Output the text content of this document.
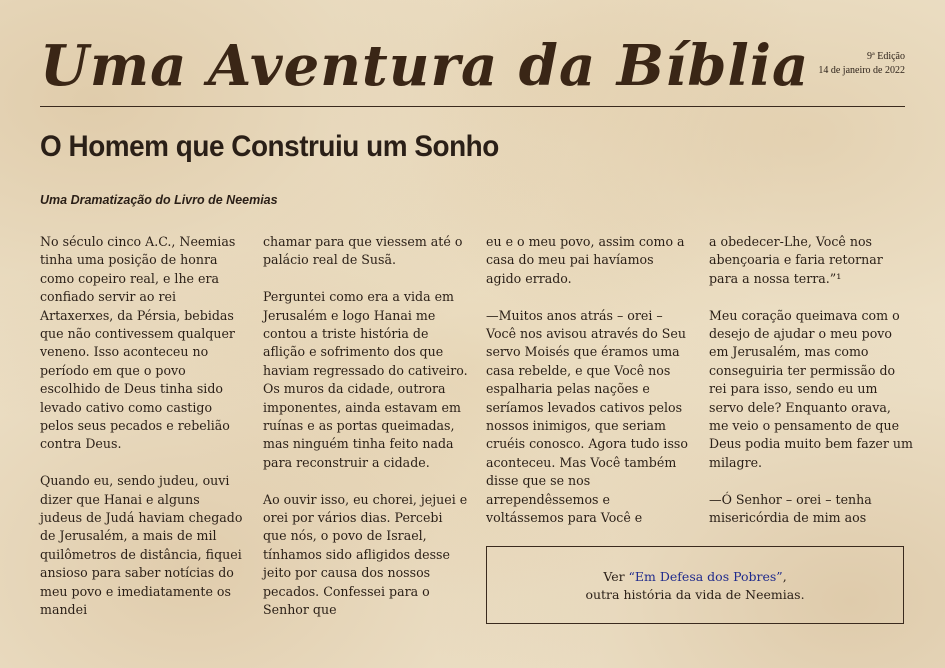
Uma Aventura da Bíblia	9ª Edição
14 de janeiro de 2022
O Homem que Construiu um Sonho
Uma Dramatização do Livro de Neemias

No século cinco A.C., Neemias tinha uma posição de honra como copeiro real, e lhe era confiado servir ao rei Artaxerxes, da Pérsia, bebidas que não contivessem qualquer veneno. Isso aconteceu no período em que o povo escolhido de Deus tinha sido levado cativo como castigo pelos seus pecados e rebelião contra Deus.

Quando eu, sendo judeu, ouvi dizer que Hanai e alguns judeus de Judá haviam chegado de Jerusalém, a mais de mil quilômetros de distância, fiquei ansioso para saber notícias do meu povo e imediatamente os mandei

chamar para que viessem até o palácio real de Susã.

Perguntei como era a vida em Jerusalém e logo Hanai me contou a triste história de aflição e sofrimento dos que haviam regressado do cativeiro. Os muros da cidade, outrora imponentes, ainda estavam em ruínas e as portas queimadas, mas ninguém tinha feito nada para reconstruir a cidade.

Ao ouvir isso, eu chorei, jejuei e orei por vários dias. Percebi que nós, o povo de Israel, tínhamos sido afligidos desse jeito por causa dos nossos pecados. Confessei para o Senhor que

eu e o meu povo, assim como a casa do meu pai havíamos agido errado.

—Muitos anos atrás – orei – Você nos avisou através do Seu servo Moisés que éramos uma casa rebelde, e que Você nos espalharia pelas nações e seríamos levados cativos pelos nossos inimigos, que seriam cruéis conosco. Agora tudo isso aconteceu. Mas Você também disse que se nos arrependêssemos e voltássemos para Você e

a obedecer-Lhe, Você nos abençoaria e faria retornar para a nossa terra.”¹

Meu coração queimava com o desejo de ajudar o meu povo em Jerusalém, mas como conseguiria ter permissão do rei para isso, sendo eu um servo dele? Enquanto orava, me veio o pensamento de que Deus podia muito bem fazer um milagre.

—Ó Senhor – orei – tenha misericórdia de mim aos

Ver “Em Defesa dos Pobres”,
outra história da vida de Neemias.
